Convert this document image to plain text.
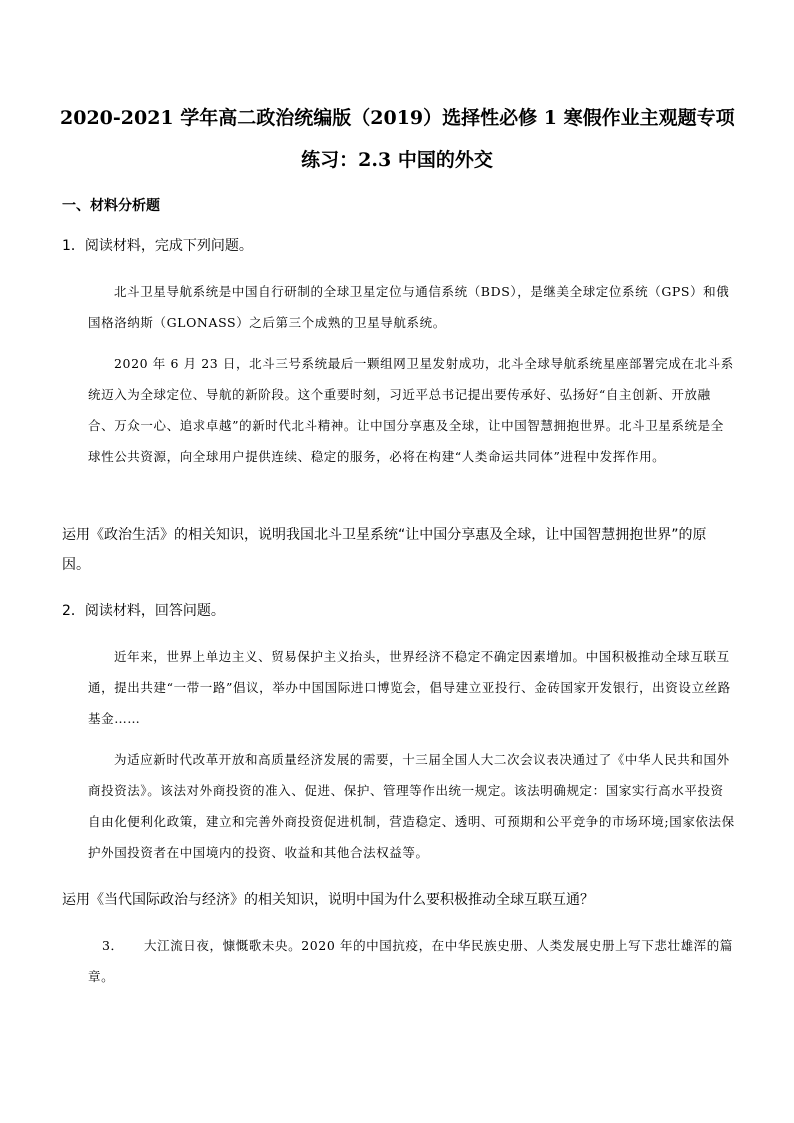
2020-2021 学年高二政治统编版（2019）选择性必修 1 寒假作业主观题专项
练习：2.3 中国的外交
一、材料分析题
1．阅读材料，完成下列问题。

北斗卫星导航系统是中国自行研制的全球卫星定位与通信系统（BDS），是继美全球定位系统（GPS）和俄国格洛纳斯（GLONASS）之后第三个成熟的卫星导航系统。

2020 年 6 月 23 日，北斗三号系统最后一颗组网卫星发射成功，北斗全球导航系统星座部署完成在北斗系统迈入为全球定位、导航的新阶段。这个重要时刻，习近平总书记提出要传承好、弘扬好“自主创新、开放融合、万众一心、追求卓越”的新时代北斗精神。让中国分享惠及全球，让中国智慧拥抱世界。北斗卫星系统是全球性公共资源，向全球用户提供连续、稳定的服务，必将在构建“人类命运共同体”进程中发挥作用。

运用《政治生活》的相关知识，说明我国北斗卫星系统“让中国分享惠及全球，让中国智慧拥抱世界”的原因。

2．阅读材料，回答问题。

近年来，世界上单边主义、贸易保护主义抬头，世界经济不稳定不确定因素增加。中国积极推动全球互联互通，提出共建“一带一路”倡议，举办中国国际进口博览会，倡导建立亚投行、金砖国家开发银行，出资设立丝路基金……

为适应新时代改革开放和高质量经济发展的需要，十三届全国人大二次会议表决通过了《中华人民共和国外商投资法》。该法对外商投资的准入、促进、保护、管理等作出统一规定。该法明确规定：国家实行高水平投资自由化便利化政策，建立和完善外商投资促进机制，营造稳定、透明、可预期和公平竞争的市场环境;国家依法保护外国投资者在中国境内的投资、收益和其他合法权益等。

运用《当代国际政治与经济》的相关知识，说明中国为什么要积极推动全球互联互通？

3． 大江流日夜，慷慨歌未央。2020 年的中国抗疫，在中华民族史册、人类发展史册上写下悲壮雄浑的篇章。
